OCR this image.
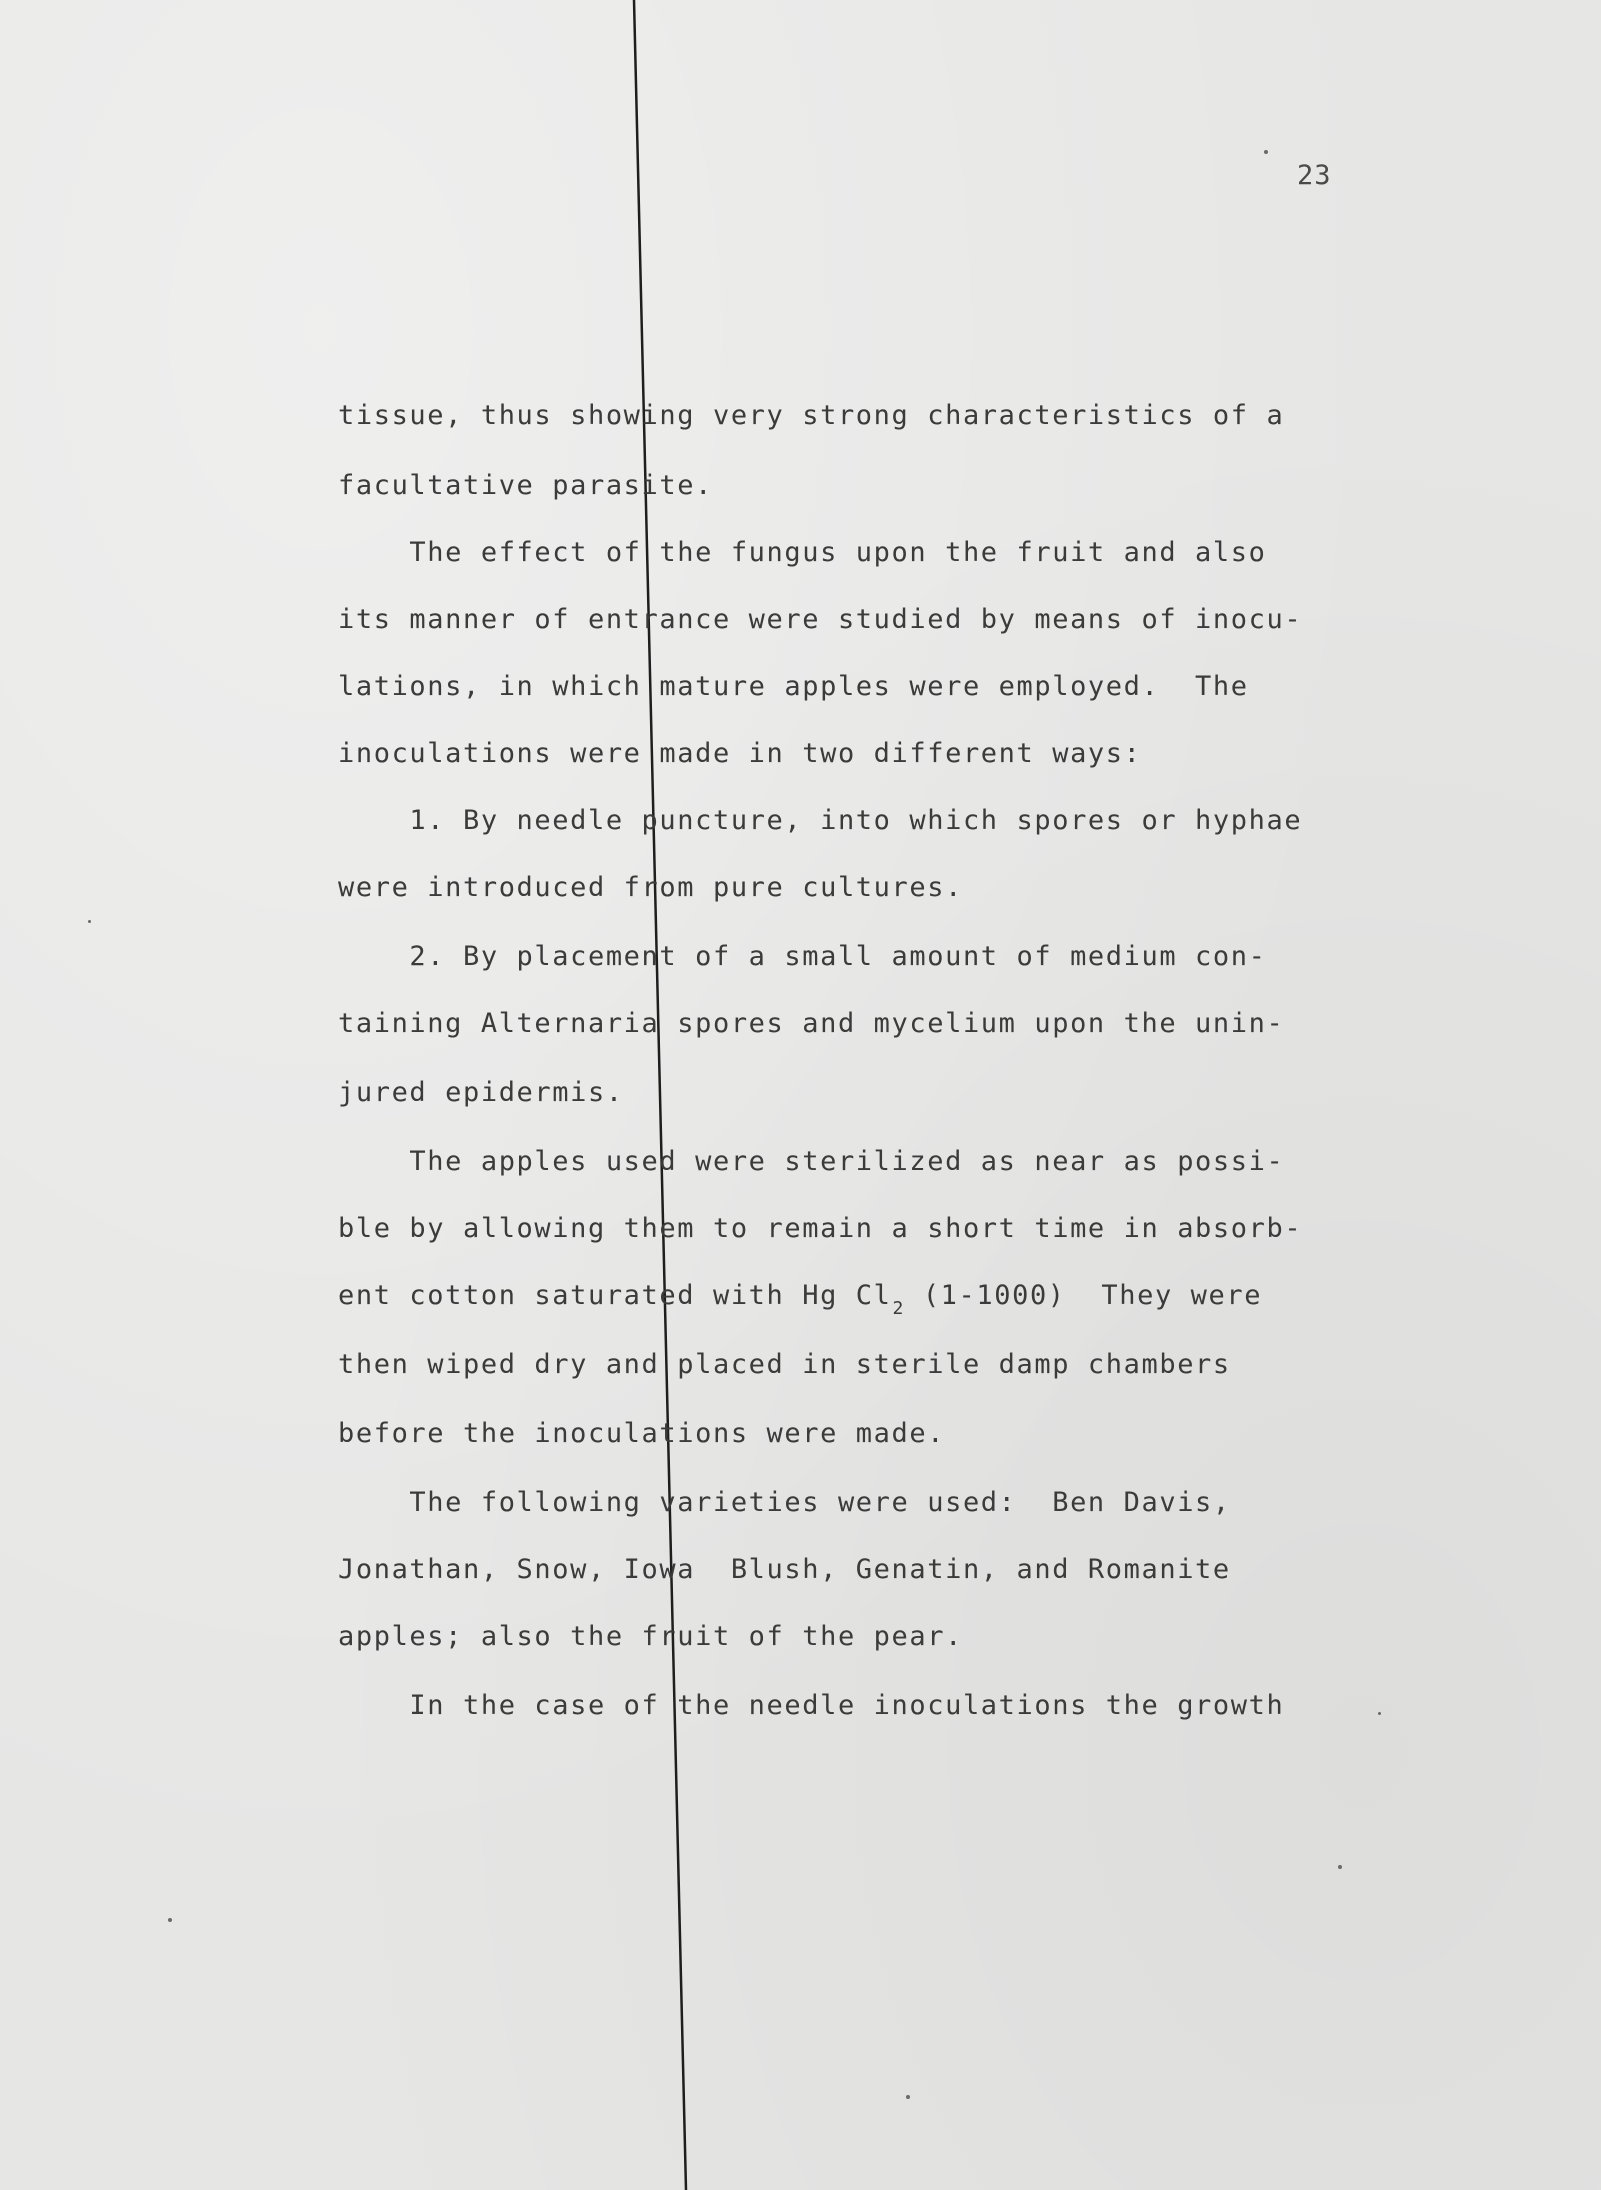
23
tissue, thus showing very strong characteristics of a
facultative parasite.
The effect of the fungus upon the fruit and also
its manner of entrance were studied by means of inocu-
lations, in which mature apples were employed.  The
inoculations were made in two different ways:
1. By needle puncture, into which spores or hyphae
were introduced from pure cultures.
2. By placement of a small amount of medium con-
taining Alternaria spores and mycelium upon the unin-
jured epidermis.
The apples used were sterilized as near as possi-
ble by allowing them to remain a short time in absorb-
ent cotton saturated with Hg $Cl_2$ (1-1000)  They were
then wiped dry and placed in sterile damp chambers
before the inoculations were made.
The following varieties were used:  Ben Davis,
Jonathan, Snow, Iowa  Blush, Genatin, and Romanite
apples; also the fruit of the pear.
In the case of the needle inoculations the growth
